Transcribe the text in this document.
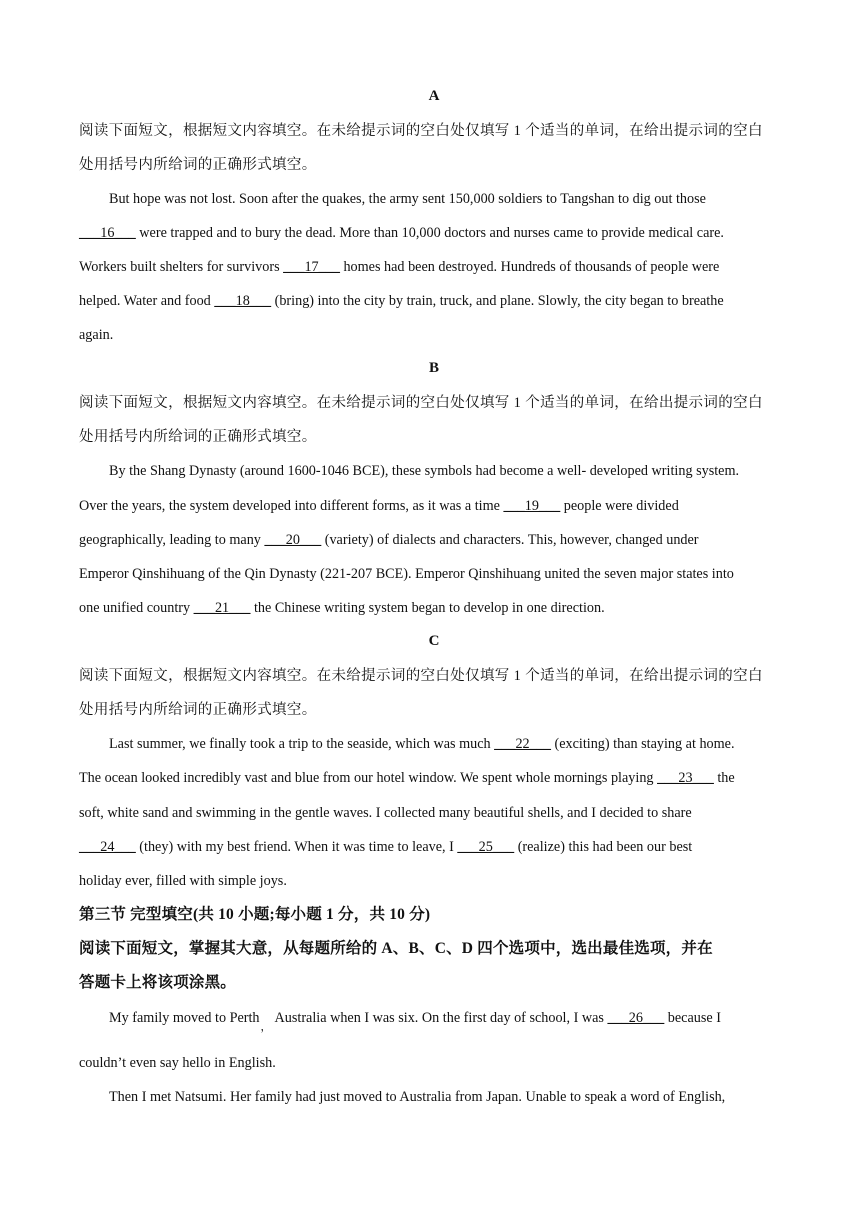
A
阅读下面短文，根据短文内容填空。在未给提示词的空白处仅填写 1 个适当的单词，在给出提示词的空白
处用括号内所给词的正确形式填空。
But hope was not lost. Soon after the quakes, the army sent 150,000 soldiers to Tangshan to dig out those
___16___ were trapped and to bury the dead. More than 10,000 doctors and nurses came to provide medical care.
Workers built shelters for survivors ___17___ homes had been destroyed. Hundreds of thousands of people were
helped. Water and food ___18___ (bring) into the city by train, truck, and plane. Slowly, the city began to breathe
again.
B
阅读下面短文，根据短文内容填空。在未给提示词的空白处仅填写 1 个适当的单词，在给出提示词的空白
处用括号内所给词的正确形式填空。
By the Shang Dynasty (around 1600-1046 BCE), these symbols had become a well- developed writing system.
Over the years, the system developed into different forms, as it was a time ___19___ people were divided
geographically, leading to many ___20___ (variety) of dialects and characters. This, however, changed under
Emperor Qinshihuang of the Qin Dynasty (221-207 BCE). Emperor Qinshihuang united the seven major states into
one unified country ___21___ the Chinese writing system began to develop in one direction.
C
阅读下面短文，根据短文内容填空。在未给提示词的空白处仅填写 1 个适当的单词，在给出提示词的空白
处用括号内所给词的正确形式填空。
Last summer, we finally took a trip to the seaside, which was much ___22___ (exciting) than staying at home.
The ocean looked incredibly vast and blue from our hotel window. We spent whole mornings playing ___23___ the
soft, white sand and swimming in the gentle waves. I collected many beautiful shells, and I decided to share
___24___ (they) with my best friend. When it was time to leave, I ___25___ (realize) this had been our best
holiday ever, filled with simple joys.
第三节 完型填空(共 10 小题;每小题 1 分，共 10 分)
阅读下面短文，掌握其大意，从每题所给的 A、B、C、D 四个选项中，选出最佳选项，并在
答题卡上将该项涂黑。
My family moved to Perth$_,$Australia when I was six. On the first day of school, I was ___26___ because I
couldn’t even say hello in English.
Then I met Natsumi. Her family had just moved to Australia from Japan. Unable to speak a word of English,
